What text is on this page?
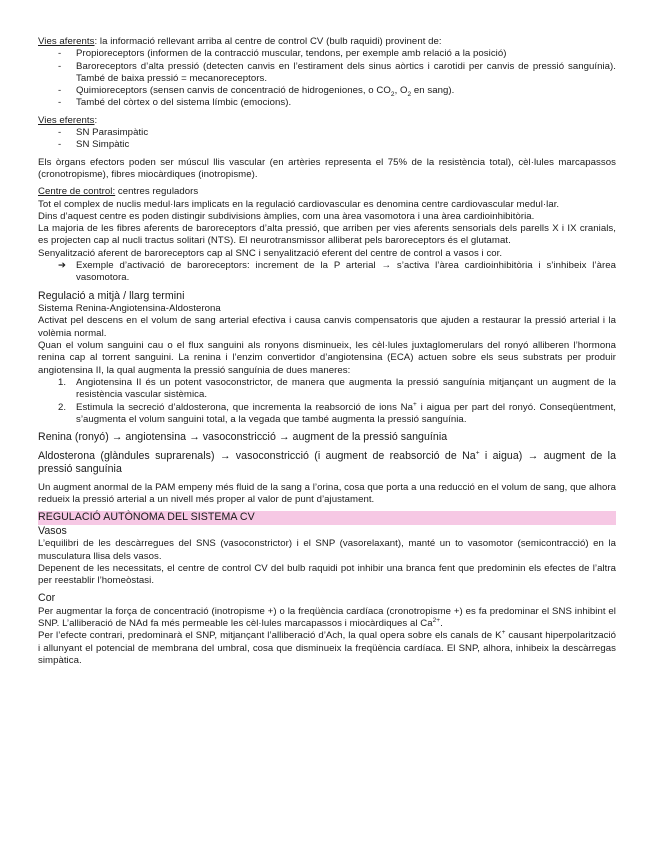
Vies aferents: la informació rellevant arriba al centre de control CV (bulb raquidi) provinent de:

-	Propioreceptors (informen de la contracció muscular, tendons, per exemple amb relació a la posició)
-	Baroreceptors d’alta pressió (detecten canvis en l’estirament dels sinus aòrtics i carotidi per canvis de pressió sanguínia). També de baixa pressió = mecanoreceptors.
-	Quimioreceptors (sensen canvis de concentració de hidrogeniones, o $CO_2$, $O_2$ en sang).
-	També del còrtex o del sistema límbic (emocions).

Vies eferents:

-	SN Parasimpàtic
-	SN Simpàtic

Els òrgans efectors poden ser múscul llis vascular (en artèries representa el 75% de la resistència total), cèl·lules marcapassos (cronotropisme), fibres miocàrdiques (inotropisme).

Centre de control: centres reguladors

Tot el complex de nuclis medul·lars implicats en la regulació cardiovascular es denomina centre cardiovascular medul·lar.

Dins d’aquest centre es poden distingir subdivisions àmplies, com una àrea vasomotora i una àrea cardioinhibitòria.

La majoria de les fibres aferents de baroreceptors d’alta pressió, que arriben per vies aferents sensorials dels parells X i IX cranials, es projecten cap al nucli tractus solitari (NTS). El neurotransmissor alliberat pels baroreceptors és el glutamat.

Senyalització aferent de baroreceptors cap al SNC i senyalització eferent del centre de control a vasos i cor.

➔	Exemple d’activació de baroreceptors: increment de la P arterial → s’activa l’àrea cardioinhibitòria i s’inhibeix l’àrea vasomotora.

Regulació a mitjà / llarg termini

Sistema Renina-Angiotensina-Aldosterona

Activat pel descens en el volum de sang arterial efectiva i causa canvis compensatoris que ajuden a restaurar la pressió arterial i la volèmia normal.

Quan el volum sanguini cau o el flux sanguini als ronyons disminueix, les cèl·lules juxtaglomerulars del ronyó alliberen l’hormona renina cap al torrent sanguini. La renina i l’enzim convertidor d’angiotensina (ECA) actuen sobre els seus substrats per produir angiotensina II, la qual augmenta la pressió sanguínia de dues maneres:

1.	Angiotensina II és un potent vasoconstrictor, de manera que augmenta la pressió sanguínia mitjançant un augment de la resistència vascular sistèmica.
2.	Estimula la secreció d’aldosterona, que incrementa la reabsorció de ions Na+ i aigua per part del ronyó. Conseqüentment, s’augmenta el volum sanguini total, a la vegada que també augmenta la pressió sanguínia.

Renina (ronyó) → angiotensina → vasoconstricció → augment de la pressió sanguínia

Aldosterona (glàndules suprarenals) → vasoconstricció (i augment de reabsorció de Na+ i aigua) → augment de la pressió sanguínia

Un augment anormal de la PAM empeny més fluid de la sang a l’orina, cosa que porta a una reducció en el volum de sang, que alhora redueix la pressió arterial a un nivell més proper al valor de punt d’ajustament.

REGULACIÓ AUTÒNOMA DEL SISTEMA CV

Vasos

L’equilibri de les descàrregues del SNS (vasoconstrictor) i el SNP (vasorelaxant), manté un to vasomotor (semicontracció) en la musculatura llisa dels vasos.

Depenent de les necessitats, el centre de control CV del bulb raquidi pot inhibir una branca fent que predominin els efectes de l’altra per reestablir l’homeòstasi.

Cor

Per augmentar la força de concentració (inotropisme +) o la freqüència cardíaca (cronotropisme +) es fa predominar el SNS inhibint el SNP. L’alliberació de NAd fa més permeable les cèl·lules marcapassos i miocàrdiques al $Ca^{2+}$.

Per l’efecte contrari, predominarà el SNP, mitjançant l’alliberació d’Ach, la qual opera sobre els canals de K+ causant hiperpolarització i allunyant el potencial de membrana del umbral, cosa que disminueix la freqüència cardíaca. El SNP, alhora, inhibeix la descàrregas simpàtica.
